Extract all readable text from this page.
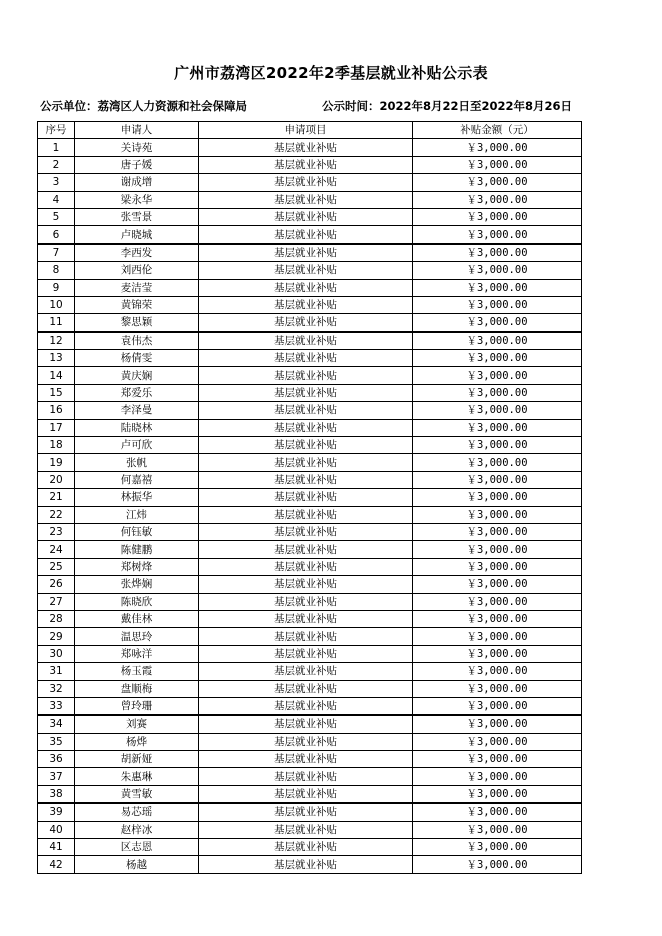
广州市荔湾区2022年2季基层就业补贴公示表
公示单位：荔湾区人力资源和社会保障局	公示时间：2022年8月22日至2022年8月26日
序号	申请人	申请项目	补贴金额（元）
1	关诗苑	基层就业补贴	￥3,000.00
2	唐子媛	基层就业补贴	￥3,000.00
3	谢成增	基层就业补贴	￥3,000.00
4	梁永华	基层就业补贴	￥3,000.00
5	张雪景	基层就业补贴	￥3,000.00
6	卢晓城	基层就业补贴	￥3,000.00
7	李西发	基层就业补贴	￥3,000.00
8	刘西伦	基层就业补贴	￥3,000.00
9	麦洁莹	基层就业补贴	￥3,000.00
10	黄锦荣	基层就业补贴	￥3,000.00
11	黎思颖	基层就业补贴	￥3,000.00
12	袁伟杰	基层就业补贴	￥3,000.00
13	杨倩雯	基层就业补贴	￥3,000.00
14	黄庆娴	基层就业补贴	￥3,000.00
15	郑爱乐	基层就业补贴	￥3,000.00
16	李泽曼	基层就业补贴	￥3,000.00
17	陆晓林	基层就业补贴	￥3,000.00
18	卢可欣	基层就业补贴	￥3,000.00
19	张帆	基层就业补贴	￥3,000.00
20	何嘉禧	基层就业补贴	￥3,000.00
21	林振华	基层就业补贴	￥3,000.00
22	江炜	基层就业补贴	￥3,000.00
23	何钰敏	基层就业补贴	￥3,000.00
24	陈健鹏	基层就业补贴	￥3,000.00
25	郑树烽	基层就业补贴	￥3,000.00
26	张烨娴	基层就业补贴	￥3,000.00
27	陈晓欣	基层就业补贴	￥3,000.00
28	戴佳林	基层就业补贴	￥3,000.00
29	温思玲	基层就业补贴	￥3,000.00
30	郑咏洋	基层就业补贴	￥3,000.00
31	杨玉霞	基层就业补贴	￥3,000.00
32	盘顺梅	基层就业补贴	￥3,000.00
33	曾玲珊	基层就业补贴	￥3,000.00
34	刘赛	基层就业补贴	￥3,000.00
35	杨烨	基层就业补贴	￥3,000.00
36	胡新娅	基层就业补贴	￥3,000.00
37	朱惠琳	基层就业补贴	￥3,000.00
38	黄雪敏	基层就业补贴	￥3,000.00
39	易芯瑶	基层就业补贴	￥3,000.00
40	赵梓冰	基层就业补贴	￥3,000.00
41	区志恩	基层就业补贴	￥3,000.00
42	杨越	基层就业补贴	￥3,000.00
